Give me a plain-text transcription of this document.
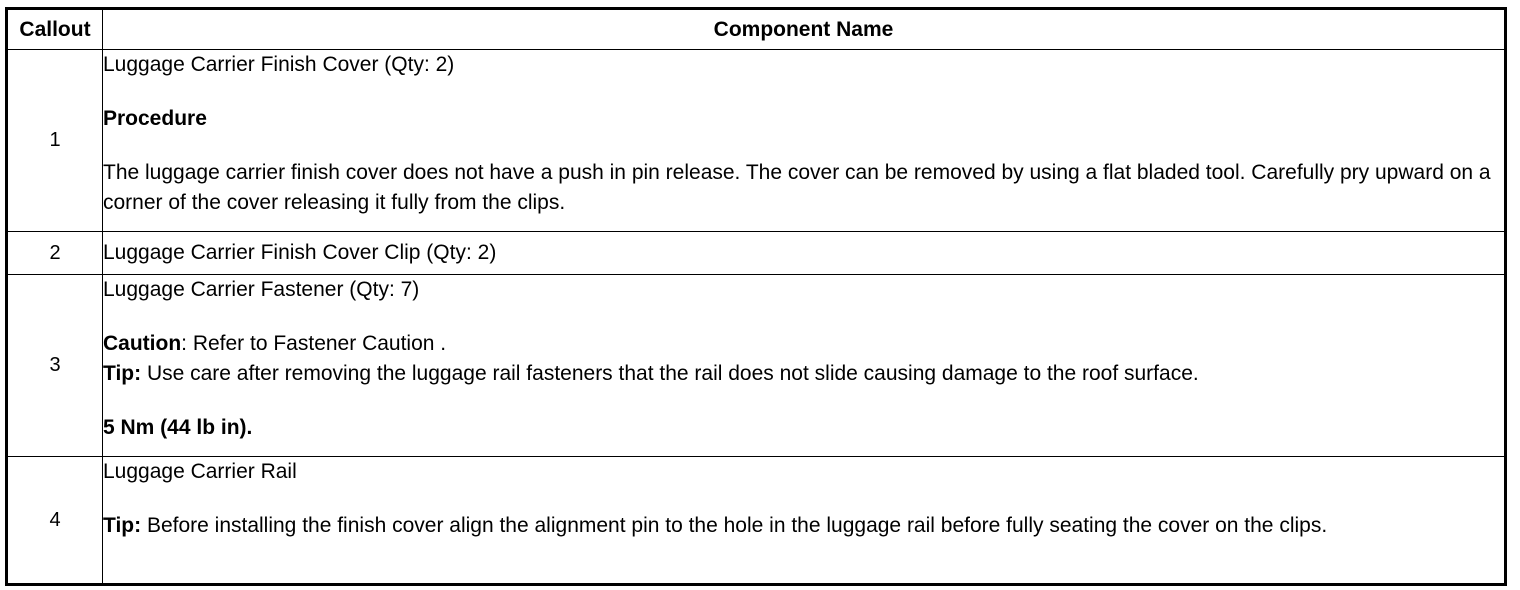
Callout	Component Name
1	Luggage Carrier Finish Cover (Qty: 2)

Procedure

The luggage carrier finish cover does not have a push in pin release. The cover can be removed by using a flat bladed tool. Carefully pry upward on a corner of the cover releasing it fully from the clips.

2	Luggage Carrier Finish Cover Clip (Qty: 2)

3	Luggage Carrier Fastener (Qty: 7)

Caution: Refer to Fastener Caution .

Tip: Use care after removing the luggage rail fasteners that the rail does not slide causing damage to the roof surface.

5 Nm (44 lb in).

4	Luggage Carrier Rail

Tip: Before installing the finish cover align the alignment pin to the hole in the luggage rail before fully seating the cover on the clips.
